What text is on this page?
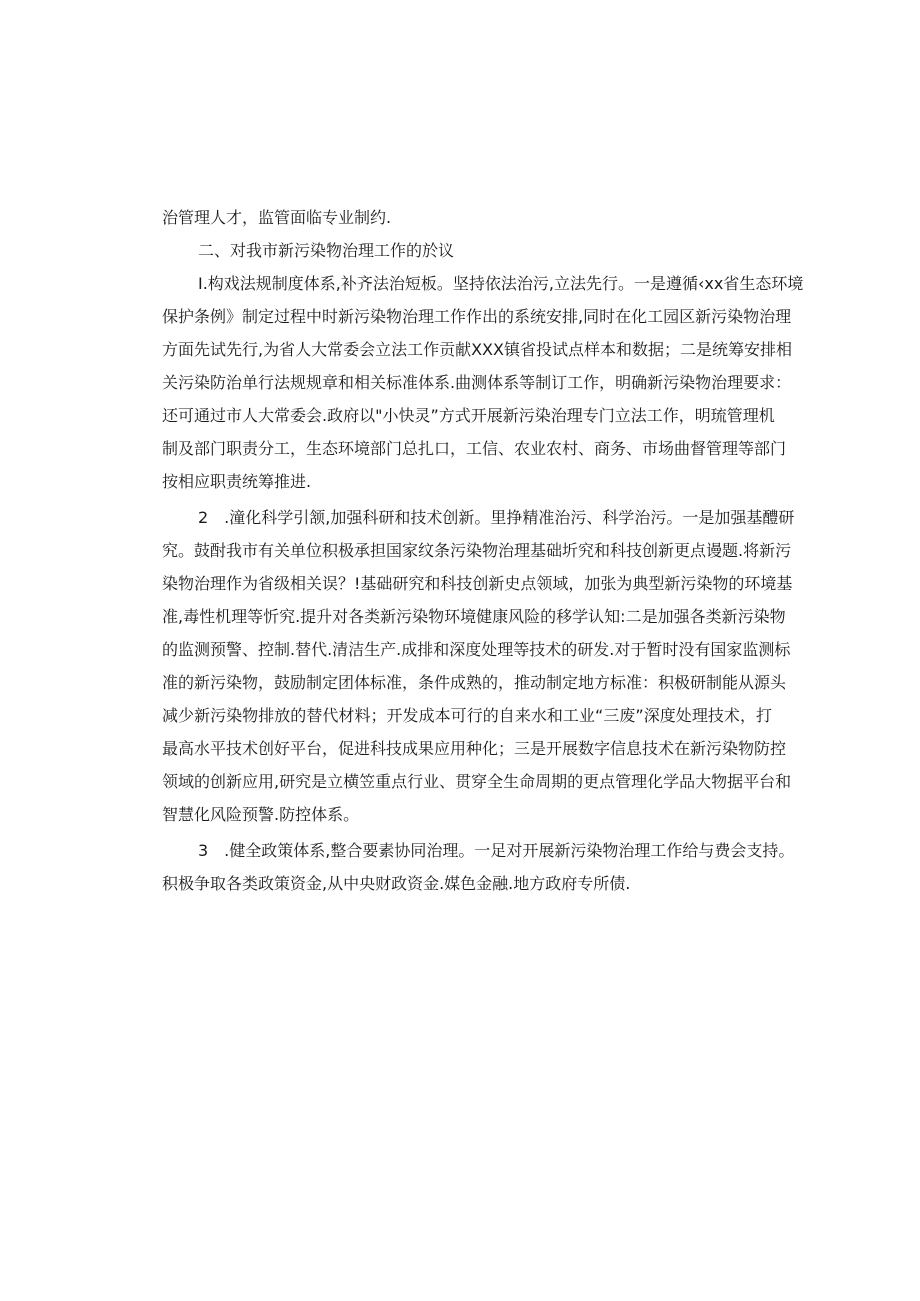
治管理人才，监管面临专业制约.
二、对我市新污染物治理工作的於议
I.构戏法规制度体系,补齐法治短板。坚持依法治污,立法先行。一是遵循‹xx省生态环境
保护条例》制定过程中时新污染物治理工作作出的系统安排,同时在化工园区新污染物治理
方面先试先行,为省人大常委会立法工作贡献XXX镇省投试点样本和数据；二是统筹安排相
关污染防治单行法规规章和相关标准体系.曲测体系等制订工作，明确新污染物治理要求：
还可通过市人大常委会.政府以"小快灵”方式开展新污染治理专门立法工作，明琉管理机
制及部门职责分工，生态环境部门总扎口，工信、农业农村、商务、市场曲督管理等部门
按相应职责统筹推进.
2　.潼化科学引颔,加强科研和技术创新。里挣精准治污、科学治污。一是加强基醴研
究。鼓酎我市有关单位积极承担国家纹条污染物治理基础圻究和科技创新更点谩题.将新污
染物治理作为省级相关误？!基础研究和科技创新史点领域，加张为典型新污染物的环境基
准,毒性机理等忻究.提升对各类新污染物环境健康风险的移学认知:二是加强各类新污染物
的监测预警、控制.替代.清洁生产.成排和深度处理等技术的研发.对于暂时没有国家监测标
准的新污染物，鼓励制定团体标准，条件成熟的，推动制定地方标准：积极研制能从源头
减少新污染物排放的替代材料；开发成本可行的自来水和工业“三废”深度处理技术，打
最高水平技术创好平台，促进科技成果应用种化；三是开展数字信息技术在新污染物防控
领域的创新应用,研究是立横笠重点行业、贯穿全生命周期的更点管理化学品大物据平台和
智慧化风险预警.防控体系。
3　.健全政策体系,整合要素协同治理。一足对开展新污染物治理工作给与费会支持。
积极争取各类政策资金,从中央财政资金.媒色金融.地方政府专所债.
